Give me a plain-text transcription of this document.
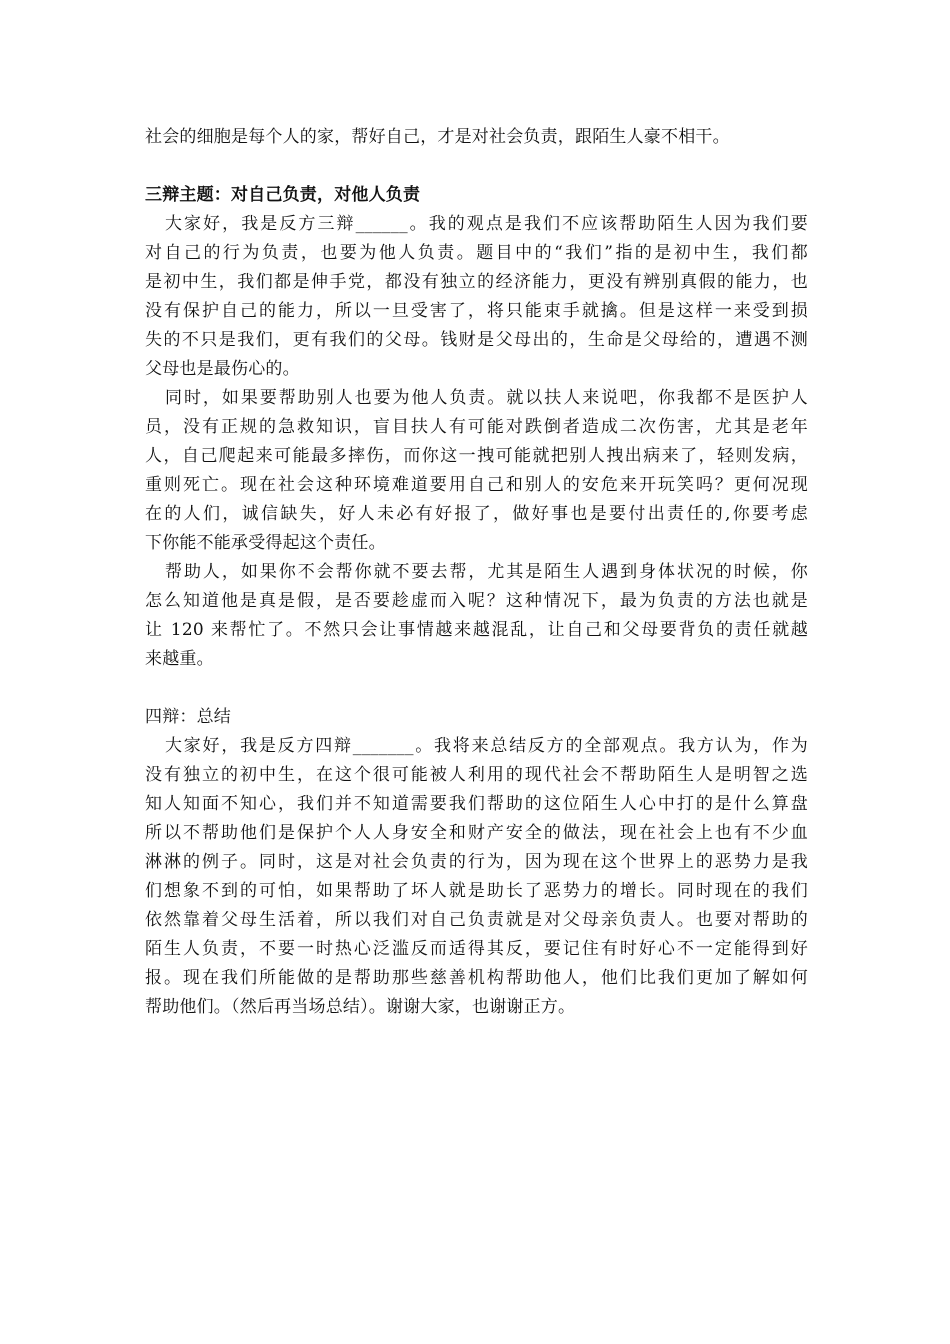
社会的细胞是每个人的家，帮好自己，才是对社会负责，跟陌生人豪不相干。
三辩主题：对自己负责，对他人负责
大家好，我是反方三辩______。我的观点是我们不应该帮助陌生人因为我们要
对自己的行为负责，也要为他人负责。题目中的“我们”指的是初中生，我们都
是初中生，我们都是伸手党，都没有独立的经济能力，更没有辨别真假的能力，也
没有保护自己的能力，所以一旦受害了，将只能束手就擒。但是这样一来受到损
失的不只是我们，更有我们的父母。钱财是父母出的，生命是父母给的，遭遇不测
父母也是最伤心的。
同时，如果要帮助别人也要为他人负责。就以扶人来说吧，你我都不是医护人
员，没有正规的急救知识，盲目扶人有可能对跌倒者造成二次伤害，尤其是老年
人，自己爬起来可能最多摔伤，而你这一拽可能就把别人拽出病来了，轻则发病，
重则死亡。现在社会这种环境难道要用自己和别人的安危来开玩笑吗？更何况现
在的人们，诚信缺失，好人未必有好报了，做好事也是要付出责任的,你要考虑
下你能不能承受得起这个责任。
帮助人，如果你不会帮你就不要去帮，尤其是陌生人遇到身体状况的时候，你
怎么知道他是真是假，是否要趁虚而入呢？这种情况下，最为负责的方法也就是
让 120 来帮忙了。不然只会让事情越来越混乱，让自己和父母要背负的责任就越
来越重。
四辩：总结
大家好，我是反方四辩_______。我将来总结反方的全部观点。我方认为，作为
没有独立的初中生，在这个很可能被人利用的现代社会不帮助陌生人是明智之选
知人知面不知心，我们并不知道需要我们帮助的这位陌生人心中打的是什么算盘
所以不帮助他们是保护个人人身安全和财产安全的做法，现在社会上也有不少血
淋淋的例子。同时，这是对社会负责的行为，因为现在这个世界上的恶势力是我
们想象不到的可怕，如果帮助了坏人就是助长了恶势力的增长。同时现在的我们
依然靠着父母生活着，所以我们对自己负责就是对父母亲负责人。也要对帮助的
陌生人负责，不要一时热心泛滥反而适得其反，要记住有时好心不一定能得到好
报。现在我们所能做的是帮助那些慈善机构帮助他人，他们比我们更加了解如何
帮助他们。（然后再当场总结）。谢谢大家，也谢谢正方。
